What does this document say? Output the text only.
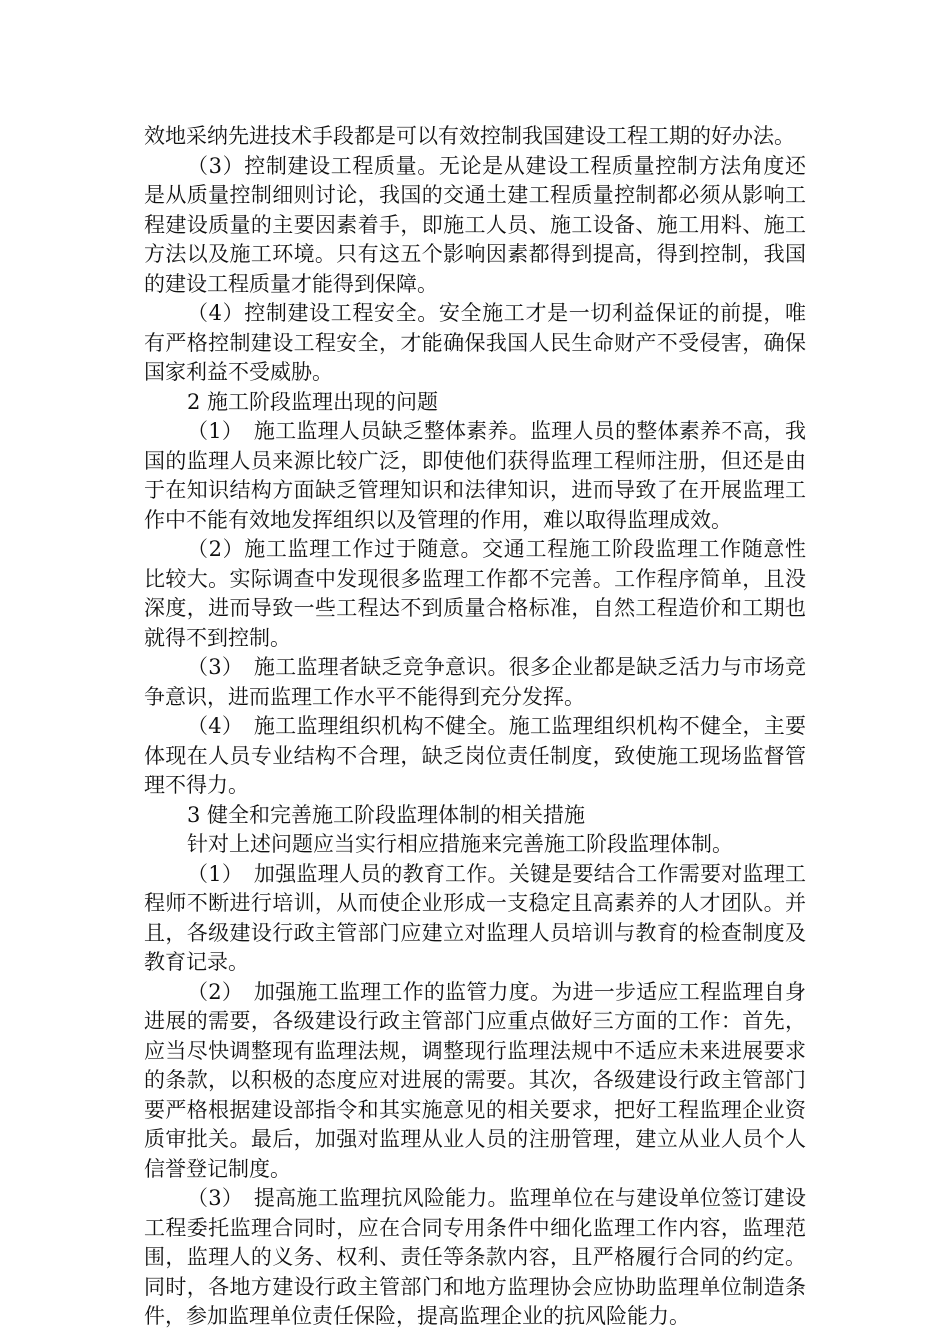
效地采纳先进技术手段都是可以有效控制我国建设工程工期的好办法。

（3）控制建设工程质量。无论是从建设工程质量控制方法角度还是从质量控制细则讨论，我国的交通土建工程质量控制都必须从影响工程建设质量的主要因素着手，即施工人员、施工设备、施工用料、施工方法以及施工环境。只有这五个影响因素都得到提高，得到控制，我国的建设工程质量才能得到保障。

（4）控制建设工程安全。安全施工才是一切利益保证的前提，唯有严格控制建设工程安全，才能确保我国人民生命财产不受侵害，确保国家利益不受威胁。

2 施工阶段监理出现的问题

（1）　施工监理人员缺乏整体素养。监理人员的整体素养不高，我国的监理人员来源比较广泛，即使他们获得监理工程师注册，但还是由于在知识结构方面缺乏管理知识和法律知识，进而导致了在开展监理工作中不能有效地发挥组织以及管理的作用，难以取得监理成效。

（2）施工监理工作过于随意。交通工程施工阶段监理工作随意性比较大。实际调查中发现很多监理工作都不完善。工作程序简单，且没深度，进而导致一些工程达不到质量合格标准，自然工程造价和工期也就得不到控制。

（3）　施工监理者缺乏竞争意识。很多企业都是缺乏活力与市场竞争意识，进而监理工作水平不能得到充分发挥。

（4）　施工监理组织机构不健全。施工监理组织机构不健全，主要体现在人员专业结构不合理，缺乏岗位责任制度，致使施工现场监督管理不得力。

3 健全和完善施工阶段监理体制的相关措施

针对上述问题应当实行相应措施来完善施工阶段监理体制。

（1）　加强监理人员的教育工作。关键是要结合工作需要对监理工程师不断进行培训，从而使企业形成一支稳定且高素养的人才团队。并且，各级建设行政主管部门应建立对监理人员培训与教育的检查制度及教育记录。

（2）　加强施工监理工作的监管力度。为进一步适应工程监理自身进展的需要，各级建设行政主管部门应重点做好三方面的工作：首先，应当尽快调整现有监理法规，调整现行监理法规中不适应未来进展要求的条款，以积极的态度应对进展的需要。其次，各级建设行政主管部门要严格根据建设部指令和其实施意见的相关要求，把好工程监理企业资质审批关。最后，加强对监理从业人员的注册管理，建立从业人员个人信誉登记制度。

（3）　提高施工监理抗风险能力。监理单位在与建设单位签订建设工程委托监理合同时，应在合同专用条件中细化监理工作内容，监理范围，监理人的义务、权利、责任等条款内容，且严格履行合同的约定。同时，各地方建设行政主管部门和地方监理协会应协助监理单位制造条件，参加监理单位责任保险，提高监理企业的抗风险能力。
